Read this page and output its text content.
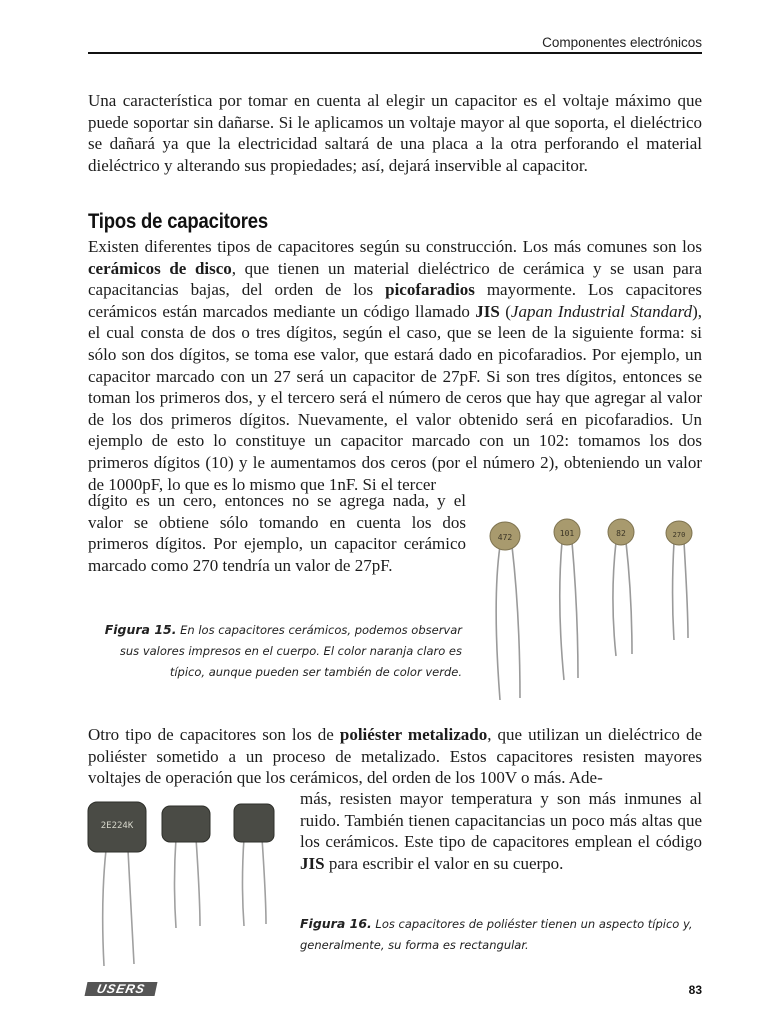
Componentes electrónicos

Una característica por tomar en cuenta al elegir un capacitor es el voltaje máximo que puede soportar sin dañarse. Si le aplicamos un voltaje mayor al que soporta, el dieléctrico se dañará ya que la electricidad saltará de una placa a la otra perforando el material dieléctrico y alterando sus propiedades; así, dejará inservible al capacitor.

Tipos de capacitores

Existen diferentes tipos de capacitores según su construcción. Los más comunes son los cerámicos de disco, que tienen un material dieléctrico de cerámica y se usan para capacitancias bajas, del orden de los picofaradios mayormente. Los capacitores cerámicos están marcados mediante un código llamado JIS (Japan Industrial Standard), el cual consta de dos o tres dígitos, según el caso, que se leen de la siguiente forma: si sólo son dos dígitos, se toma ese valor, que estará dado en picofaradios. Por ejemplo, un capacitor marcado con un 27 será un capacitor de 27pF. Si son tres dígitos, entonces se toman los primeros dos, y el tercero será el número de ceros que hay que agregar al valor de los dos primeros dígitos. Nuevamente, el valor obtenido será en picofaradios. Un ejemplo de esto lo constituye un capacitor marcado con un 102: tomamos los dos primeros dígitos (10) y le aumentamos dos ceros (por el número 2), obteniendo un valor de 1000pF, lo que es lo mismo que 1nF. Si el tercer

dígito es un cero, entonces no se agrega nada, y el valor se obtiene sólo tomando en cuenta los dos primeros dígitos. Por ejemplo, un capacitor cerámico marcado como 270 tendría un valor de 27pF.

472	101	82	270
Figura 15. En los capacitores cerámicos, podemos observar sus valores impresos en el cuerpo. El color naranja claro es típico, aunque pueden ser también de color verde.

Otro tipo de capacitores son los de poliéster metalizado, que utilizan un dieléctrico de poliéster sometido a un proceso de metalizado. Estos capacitores resisten mayores voltajes de operación que los cerámicos, del orden de los 100V o más. Ade-

más, resisten mayor temperatura y son más inmunes al ruido. También tienen capacitancias un poco más altas que los cerámicos. Este tipo de capacitores emplean el código JIS para escribir el valor en su cuerpo.

2E224K
Figura 16. Los capacitores de poliéster tienen un aspecto típico y, generalmente, su forma es rectangular.
USERS	83
